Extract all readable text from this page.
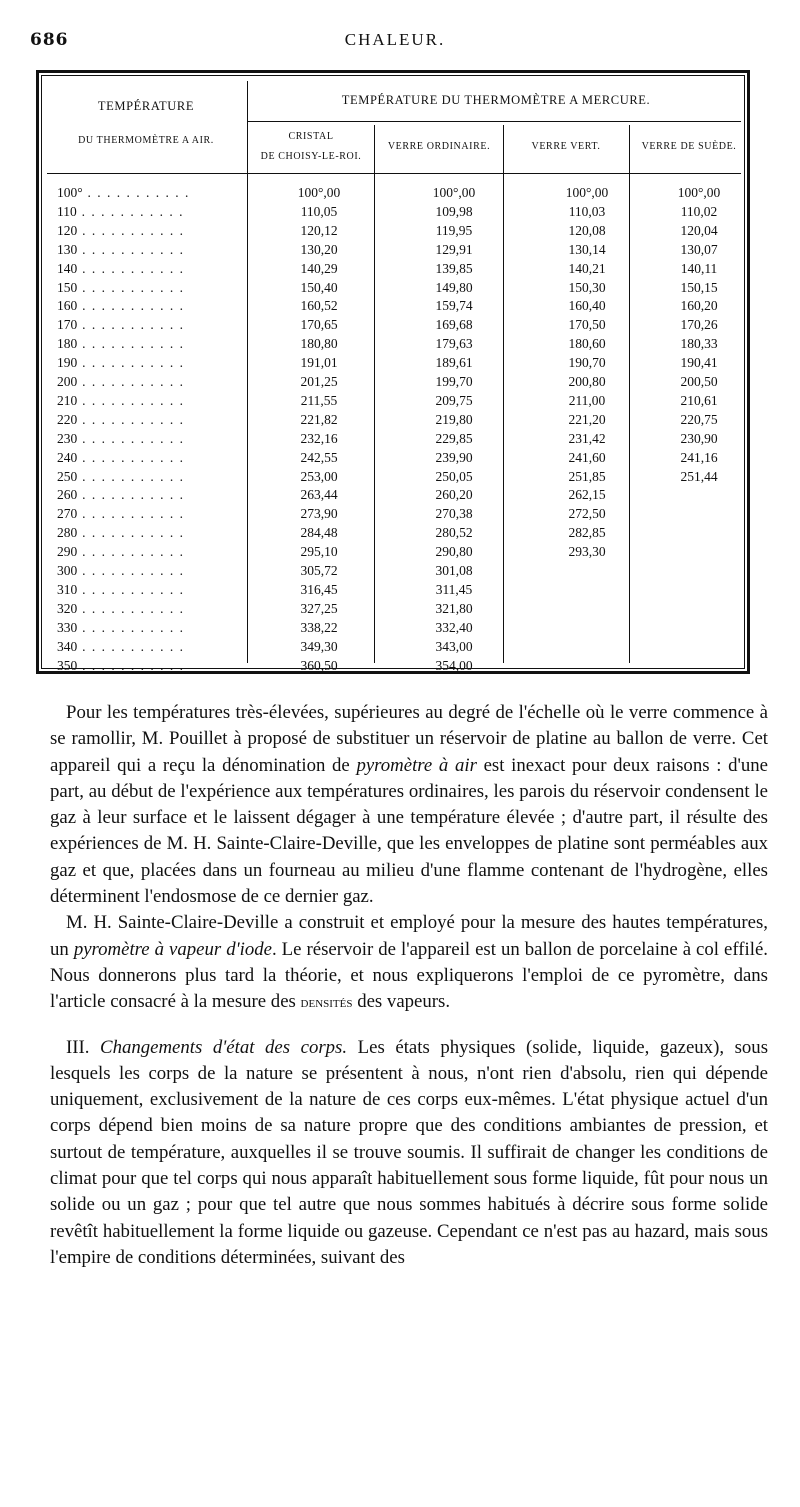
686	CHALEUR.
TEMPÉRATURE
DU THERMOMÈTRE A AIR.
TEMPÉRATURE DU THERMOMÈTRE A MERCURE.
CRISTAL
DE CHOISY-LE-ROI.
VERRE ORDINAIRE.	VERRE VERT.	VERRE DE SUÈDE.
100° . . .	100°,00	100°,00	100°,00	100°,00
110 . . .	110,05	109,98	110,03	110,02
120 . . .	120,12	119,95	120,08	120,04
130 . . .	130,20	129,91	130,14	130,07
140 . . .	140,29	139,85	140,21	140,11
150 . . .	150,40	149,80	150,30	150,15
160 . . .	160,52	159,74	160,40	160,20
170 . . .	170,65	169,68	170,50	170,26
180 . . .	180,80	179,63	180,60	180,33
190 . . .	191,01	189,61	190,70	190,41
200 . . .	201,25	199,70	200,80	200,50
210 . . .	211,55	209,75	211,00	210,61
220 . . .	221,82	219,80	221,20	220,75
230 . . .	232,16	229,85	231,42	230,90
240 . . .	242,55	239,90	241,60	241,16
250 . . .	253,00	250,05	251,85	251,44
260 . . .	263,44	260,20	262,15
270 . . .	273,90	270,38	272,50
280 . . .	284,48	280,52	282,85
290 . . .	295,10	290,80	293,30
300 . . .	305,72	301,08
310 . . .	316,45	311,45
320 . . .	327,25	321,80
330 . . .	338,22	332,40
340 . . .	349,30	343,00
350 . . .	360,50	354,00

Pour les températures très-élevées, supérieures au degré de l'échelle où le verre commence à se ramollir, M. Pouillet à proposé de substituer un réservoir de platine au ballon de verre. Cet appareil qui a reçu la dénomination de pyromètre à air est inexact pour deux raisons : d'une part, au début de l'expérience aux températures ordinaires, les parois du réservoir condensent le gaz à leur surface et le laissent dégager à une température élevée ; d'autre part, il résulte des expériences de M. H. Sainte-Claire-Deville, que les enveloppes de platine sont perméables aux gaz et que, placées dans un fourneau au milieu d'une flamme contenant de l'hydrogène, elles déterminent l'endosmose de ce dernier gaz.

M. H. Sainte-Claire-Deville a construit et employé pour la mesure des hautes températures, un pyromètre à vapeur d'iode. Le réservoir de l'appareil est un ballon de porcelaine à col effilé. Nous donnerons plus tard la théorie, et nous expliquerons l'emploi de ce pyromètre, dans l'article consacré à la mesure des densités des vapeurs.

III. Changements d'état des corps. Les états physiques (solide, liquide, gazeux), sous lesquels les corps de la nature se présentent à nous, n'ont rien d'absolu, rien qui dépende uniquement, exclusivement de la nature de ces corps eux-mêmes. L'état physique actuel d'un corps dépend bien moins de sa nature propre que des conditions ambiantes de pression, et surtout de température, auxquelles il se trouve soumis. Il suffirait de changer les conditions de climat pour que tel corps qui nous apparaît habituellement sous forme liquide, fût pour nous un solide ou un gaz ; pour que tel autre que nous sommes habitués à décrire sous forme solide revêtît habituellement la forme liquide ou gazeuse. Cependant ce n'est pas au hazard, mais sous l'empire de conditions déterminées, suivant des
